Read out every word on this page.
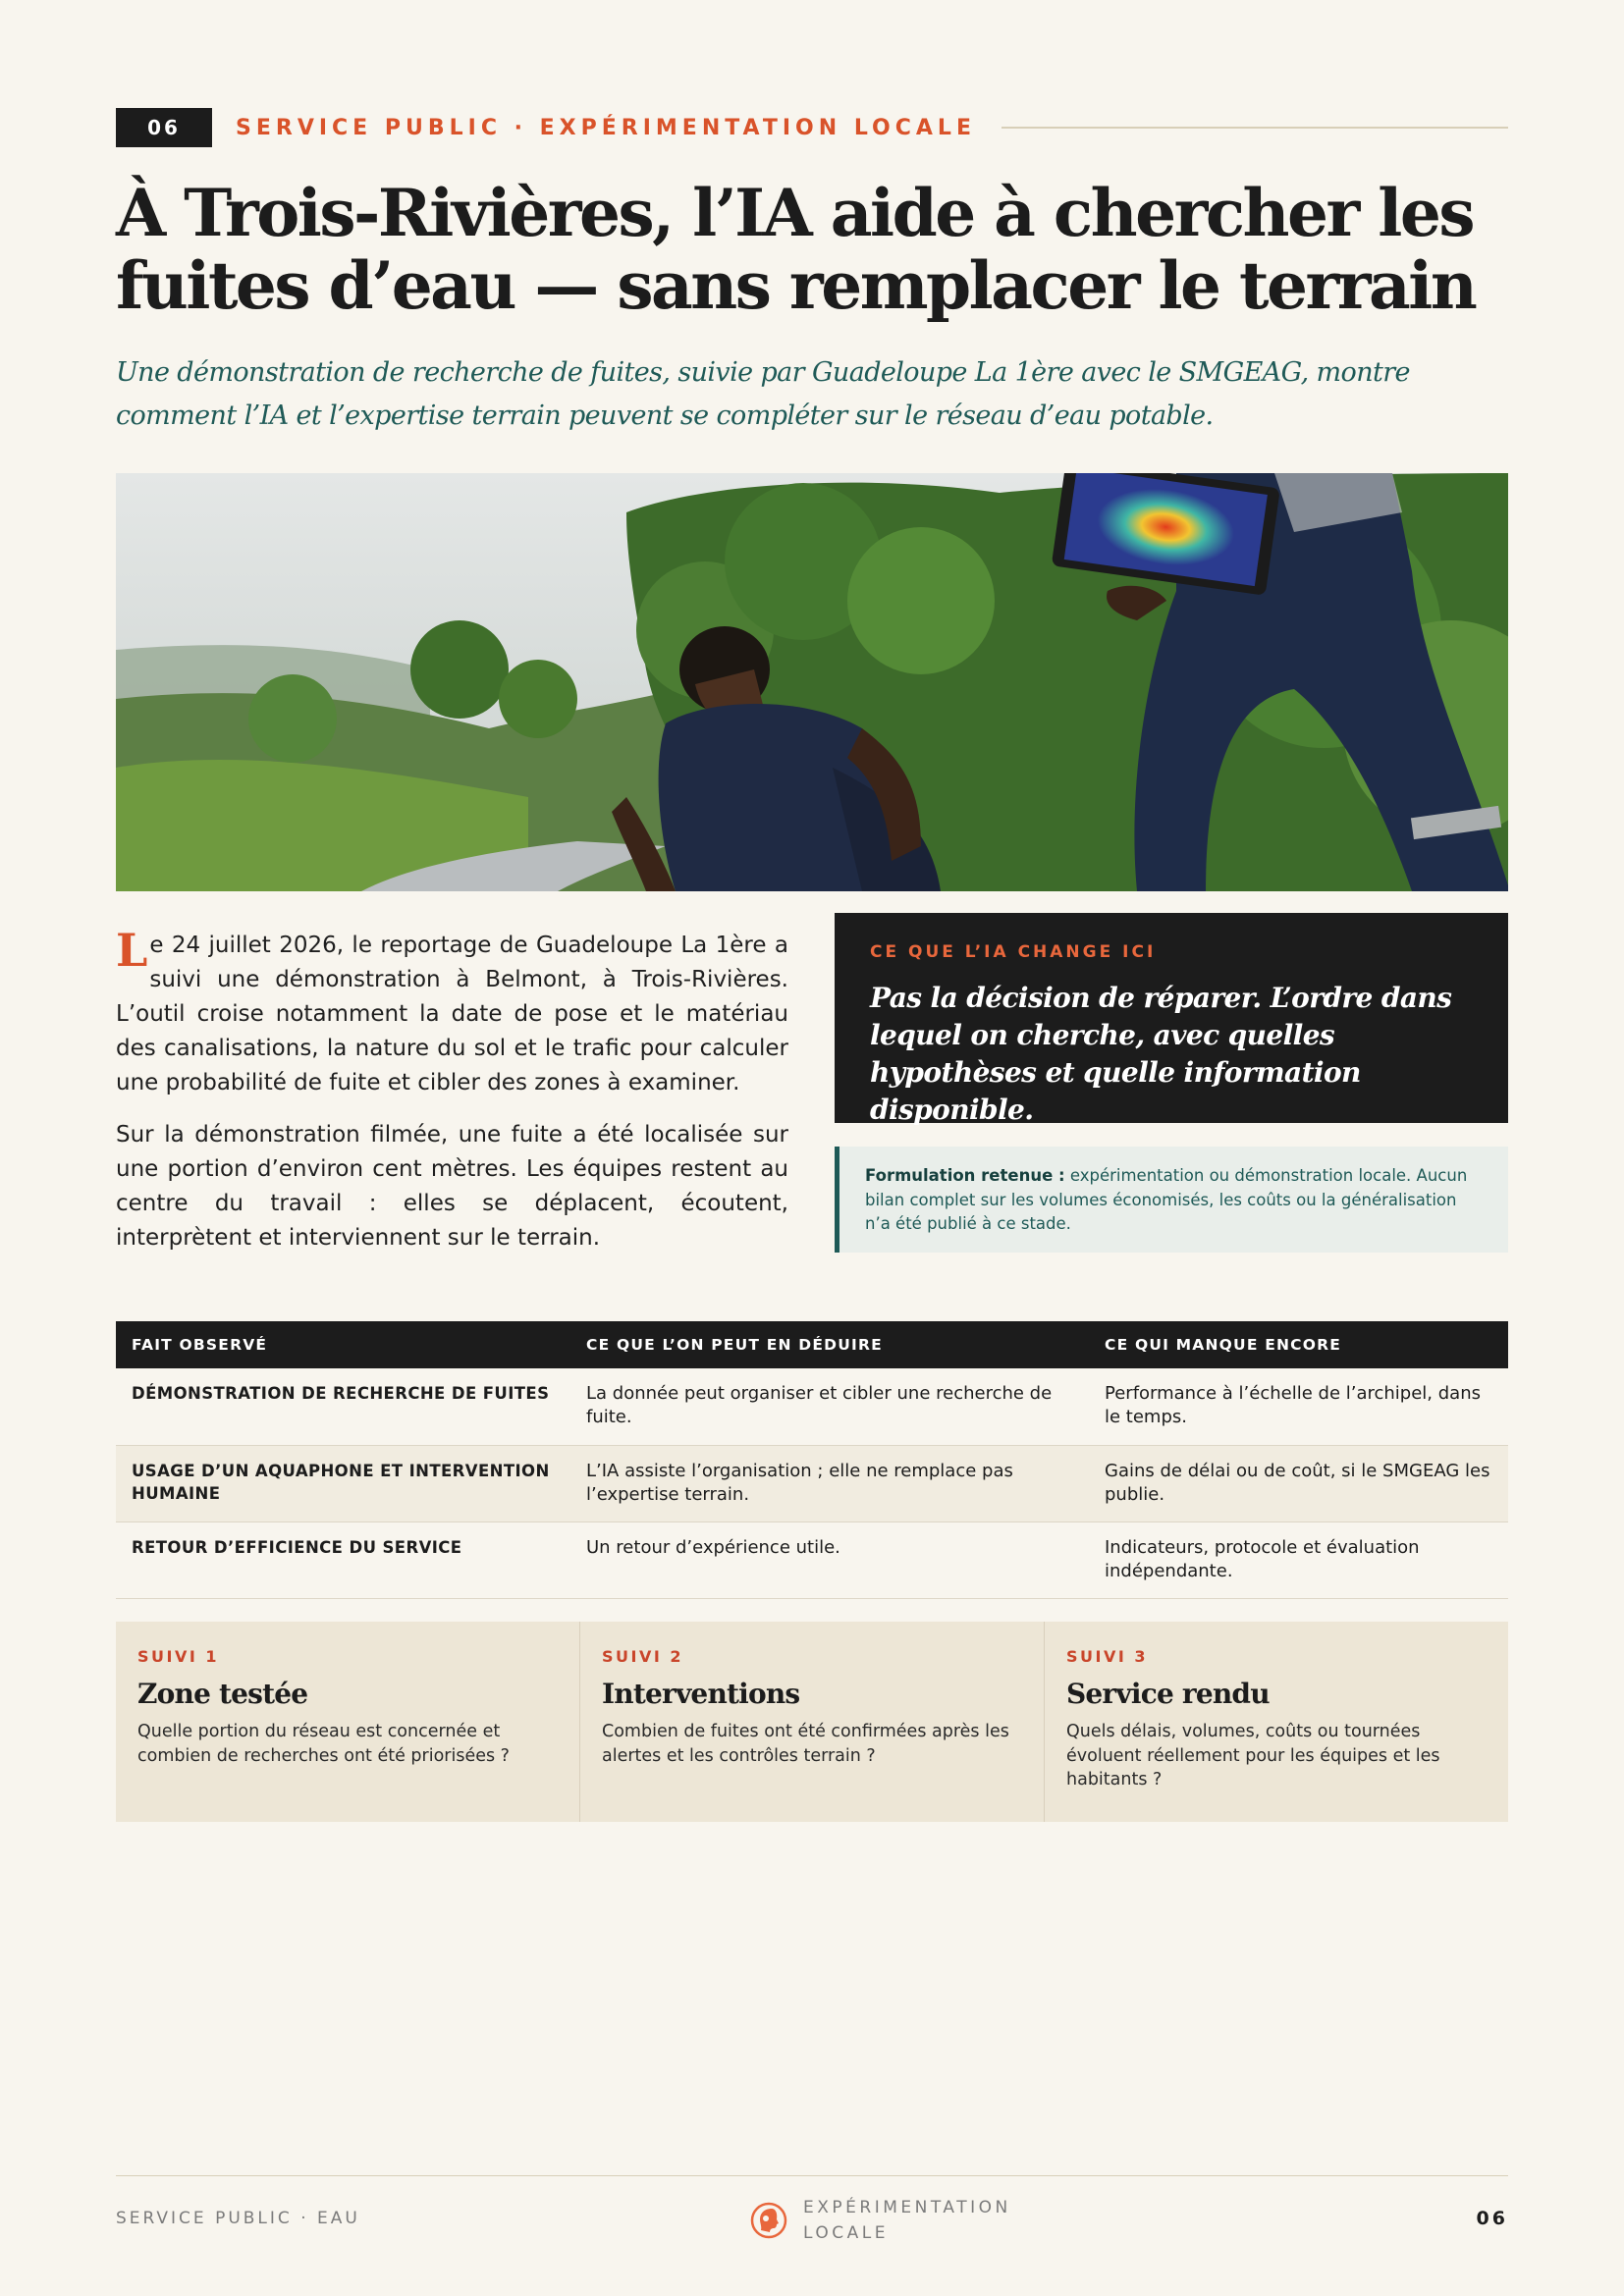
06	SERVICE PUBLIC · EXPÉRIMENTATION LOCALE
À Trois-Rivières, l’IA aide à chercher les fuites d’eau — sans remplacer le terrain

Une démonstration de recherche de fuites, suivie par Guadeloupe La 1ère avec le SMGEAG, montre comment l’IA et l’expertise terrain peuvent se compléter sur le réseau d’eau potable.

Le 24 juillet 2026, le reportage de Guadeloupe La 1ère a suivi une démonstration à Belmont, à Trois-Rivières. L’outil croise notamment la date de pose et le matériau des canalisations, la nature du sol et le trafic pour calculer une probabilité de fuite et cibler des zones à examiner.

Sur la démonstration filmée, une fuite a été localisée sur une portion d’environ cent mètres. Les équipes restent au centre du travail : elles se déplacent, écoutent, interprètent et interviennent sur le terrain.

CE QUE L’IA CHANGE ICI
Pas la décision de réparer. L’ordre dans lequel on cherche, avec quelles hypothèses et quelle information disponible.
Formulation retenue : expérimentation ou démonstration locale. Aucun bilan complet sur les volumes économisés, les coûts ou la généralisation n’a été publié à ce stade.
FAIT OBSERVÉ	CE QUE L’ON PEUT EN DÉDUIRE	CE QUI MANQUE ENCORE
DÉMONSTRATION DE RECHERCHE DE FUITES	La donnée peut organiser et cibler une recherche de fuite.	Performance à l’échelle de l’archipel, dans le temps.
USAGE D’UN AQUAPHONE ET INTERVENTION HUMAINE	L’IA assiste l’organisation ; elle ne remplace pas l’expertise terrain.	Gains de délai ou de coût, si le SMGEAG les publie.
RETOUR D’EFFICIENCE DU SERVICE	Un retour d’expérience utile.	Indicateurs, protocole et évaluation indépendante.
SUIVI 1
Zone testée
Quelle portion du réseau est concernée et combien de recherches ont été priorisées ?
SUIVI 2
Interventions
Combien de fuites ont été confirmées après les alertes et les contrôles terrain ?
SUIVI 3
Service rendu
Quels délais, volumes, coûts ou tournées évoluent réellement pour les équipes et les habitants ?
SERVICE PUBLIC · EAU
EXPÉRIMENTATION LOCALE
06
